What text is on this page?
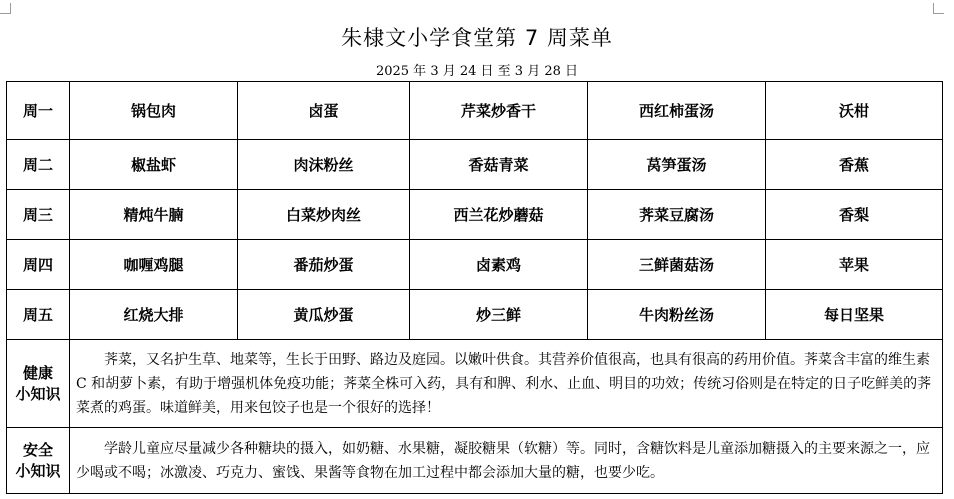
朱棣文小学食堂第 7 周菜单
2025 年 3 月 24 日 至 3 月 28 日
周一	锅包肉	卤蛋	芹菜炒香干	西红柿蛋汤	沃柑
周二	椒盐虾	肉沫粉丝	香菇青菜	莴笋蛋汤	香蕉
周三	精炖牛腩	白菜炒肉丝	西兰花炒蘑菇	荠菜豆腐汤	香梨
周四	咖喱鸡腿	番茄炒蛋	卤素鸡	三鲜菌菇汤	苹果
周五	红烧大排	黄瓜炒蛋	炒三鲜	牛肉粉丝汤	每日坚果

健康
小知识	荠菜，又名护生草、地菜等，生长于田野、路边及庭园。以嫩叶供食。其营养价值很高，也具有很高的药用价值。荠菜含丰富的维生素 C 和胡萝卜素，有助于增强机体免疫功能；荠菜全株可入药，具有和脾、利水、止血、明目的功效；传统习俗则是在特定的日子吃鲜美的荠菜煮的鸡蛋。味道鲜美，用来包饺子也是一个很好的选择！				

安全
小知识	学龄儿童应尽量减少各种糖块的摄入，如奶糖、水果糖，凝胶糖果（软糖）等。同时，含糖饮料是儿童添加糖摄入的主要来源之一，应少喝或不喝；冰激凌、巧克力、蜜饯、果酱等食物在加工过程中都会添加大量的糖，也要少吃。				
